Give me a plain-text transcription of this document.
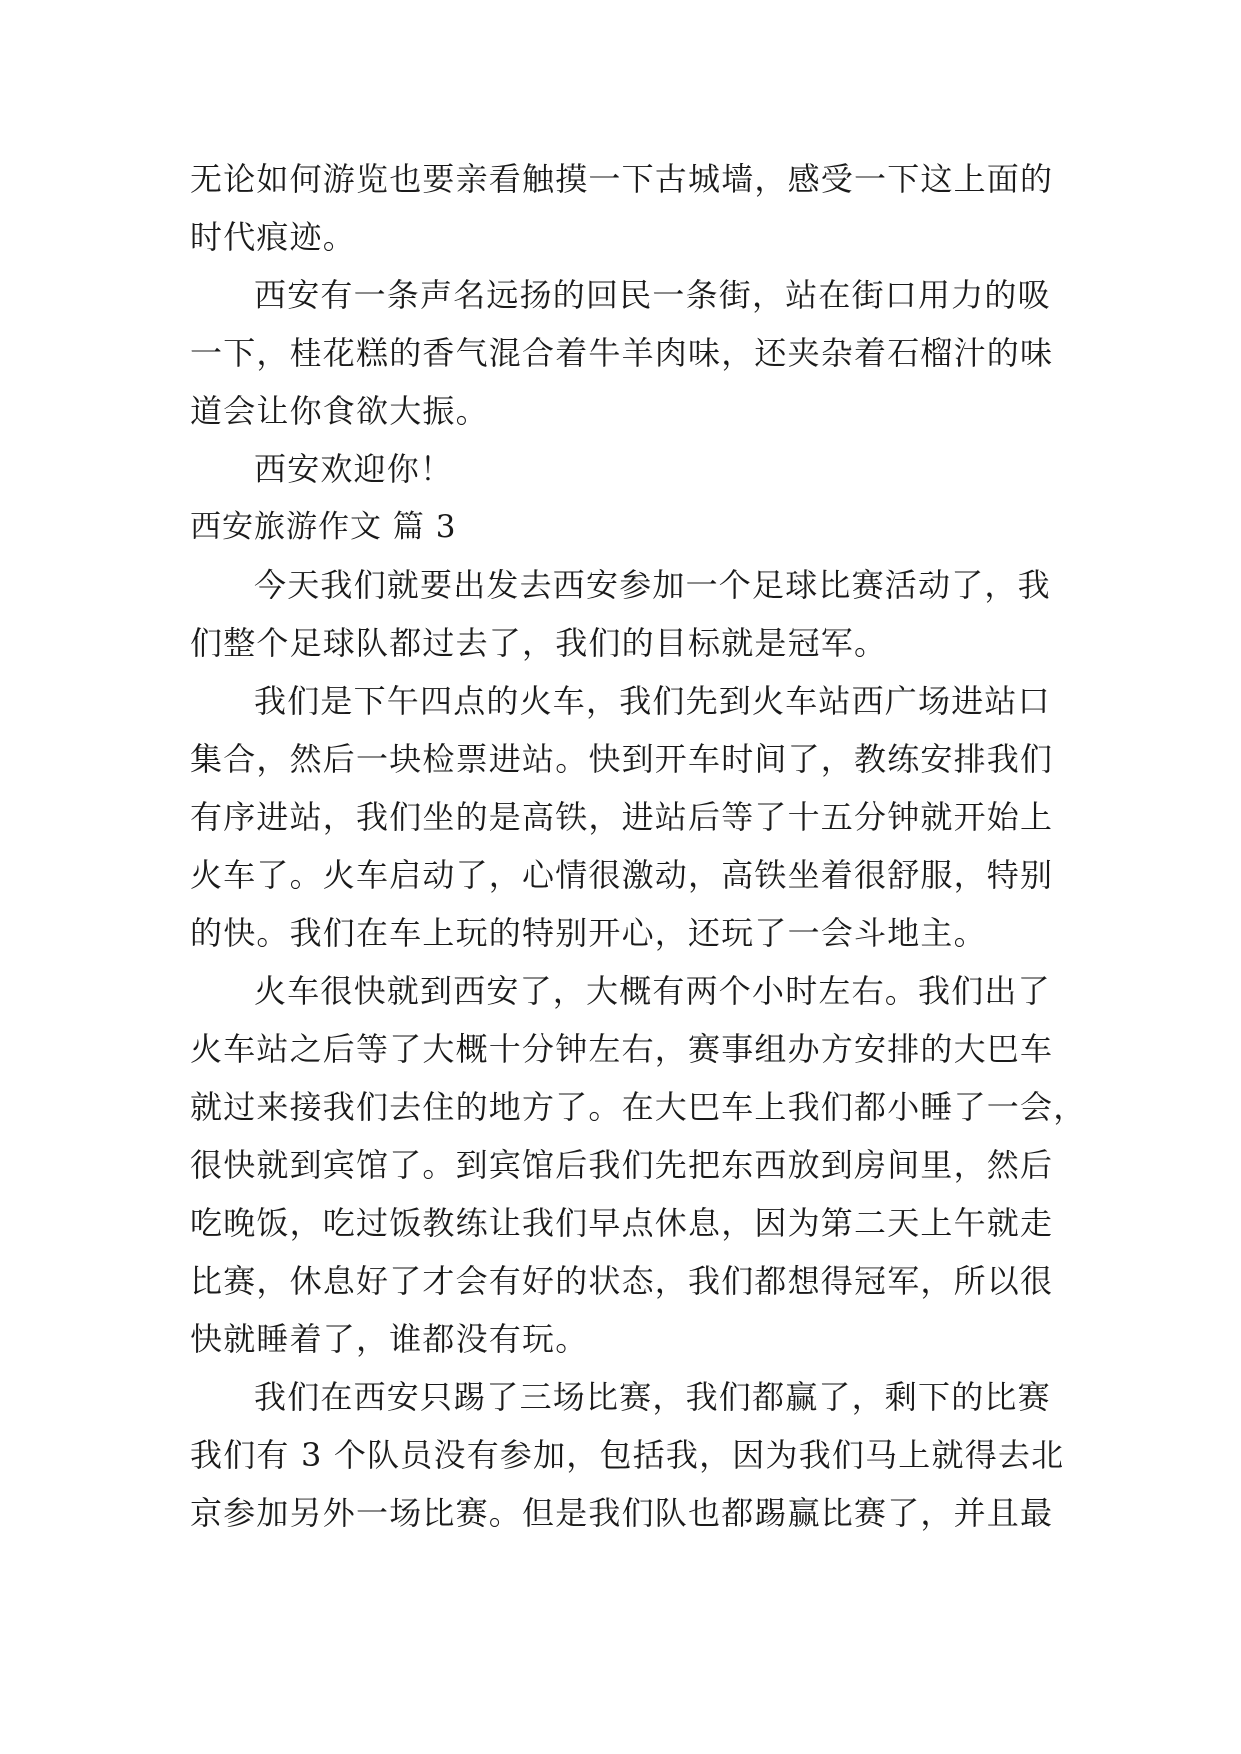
无论如何游览也要亲看触摸一下古城墙，感受一下这上面的
时代痕迹。
西安有一条声名远扬的回民一条街，站在街口用力的吸
一下，桂花糕的香气混合着牛羊肉味，还夹杂着石榴汁的味
道会让你食欲大振。
西安欢迎你！
西安旅游作文 篇 3
今天我们就要出发去西安参加一个足球比赛活动了，我
们整个足球队都过去了，我们的目标就是冠军。
我们是下午四点的火车，我们先到火车站西广场进站口
集合，然后一块检票进站。快到开车时间了，教练安排我们
有序进站，我们坐的是高铁，进站后等了十五分钟就开始上
火车了。火车启动了，心情很激动，高铁坐着很舒服，特别
的快。我们在车上玩的特别开心，还玩了一会斗地主。
火车很快就到西安了，大概有两个小时左右。我们出了
火车站之后等了大概十分钟左右，赛事组办方安排的大巴车
就过来接我们去住的地方了。在大巴车上我们都小睡了一会，
很快就到宾馆了。到宾馆后我们先把东西放到房间里，然后
吃晚饭，吃过饭教练让我们早点休息，因为第二天上午就走
比赛，休息好了才会有好的状态，我们都想得冠军，所以很
快就睡着了，谁都没有玩。
我们在西安只踢了三场比赛，我们都赢了，剩下的比赛
我们有 3 个队员没有参加，包括我，因为我们马上就得去北
京参加另外一场比赛。但是我们队也都踢赢比赛了，并且最
